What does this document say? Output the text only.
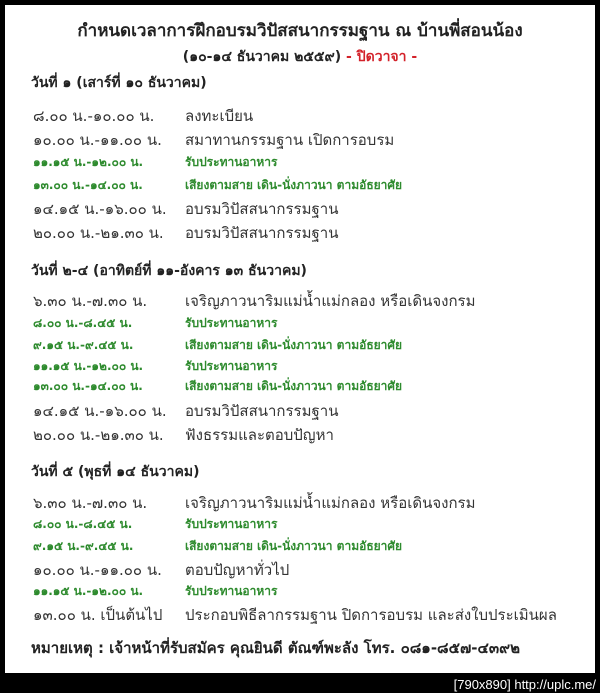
กำหนดเวลาการฝึกอบรมวิปัสสนากรรมฐาน ณ บ้านพี่สอนน้อง
(๑๐-๑๔ ธันวาคม ๒๕๕๙) - ปิดวาจา -
วันที่ ๑ (เสาร์ที่ ๑๐ ธันวาคม)
๘.๐๐ น.-๑๐.๐๐ น. ลงทะเบียน
๑๐.๐๐ น.-๑๑.๐๐ น. สมาทานกรรมฐาน เปิดการอบรม
๑๑.๑๕ น.-๑๒.๐๐ น.	รับประทานอาหาร
๑๓.๐๐ น.-๑๔.๐๐ น.	เสียงตามสาย เดิน-นั่งภาวนา ตามอัธยาศัย
๑๔.๑๕ น.-๑๖.๐๐ น. อบรมวิปัสสนากรรมฐาน
๒๐.๐๐ น.-๒๑.๓๐ น. อบรมวิปัสสนากรรมฐาน
วันที่ ๒-๔ (อาทิตย์ที่ ๑๑-อังคาร ๑๓ ธันวาคม)
๖.๓๐ น.-๗.๓๐ น.	เจริญภาวนาริมแม่น้ำแม่กลอง หรือเดินจงกรม
๘.๐๐ น.-๘.๔๕ น.	รับประทานอาหาร
๙.๑๕ น.-๙.๔๕ น.	เสียงตามสาย เดิน-นั่งภาวนา ตามอัธยาศัย
๑๑.๑๕ น.-๑๒.๐๐ น.	รับประทานอาหาร
๑๓.๐๐ น.-๑๔.๐๐ น.	เสียงตามสาย เดิน-นั่งภาวนา ตามอัธยาศัย
๑๔.๑๕ น.-๑๖.๐๐ น. อบรมวิปัสสนากรรมฐาน
๒๐.๐๐ น.-๒๑.๓๐ น. ฟังธรรมและตอบปัญหา
วันที่ ๕ (พุธที่ ๑๔ ธันวาคม)
๖.๓๐ น.-๗.๓๐ น.	เจริญภาวนาริมแม่น้ำแม่กลอง หรือเดินจงกรม
๘.๐๐ น.-๘.๔๕ น.	รับประทานอาหาร
๙.๑๕ น.-๙.๔๕ น.	เสียงตามสาย เดิน-นั่งภาวนา ตามอัธยาศัย
๑๐.๐๐ น.-๑๑.๐๐ น. ตอบปัญหาทั่วไป
๑๑.๑๕ น.-๑๒.๐๐ น.	รับประทานอาหาร
๑๓.๐๐ น. เป็นต้นไป ประกอบพิธีลากรรมฐาน ปิดการอบรม และส่งใบประเมินผล
หมายเหตุ : เจ้าหน้าที่รับสมัคร คุณยินดี ตัณฑ์พะลัง โทร. ๐๘๑-๘๕๗-๔๓๙๒
[790x890] http://uplc.me/
